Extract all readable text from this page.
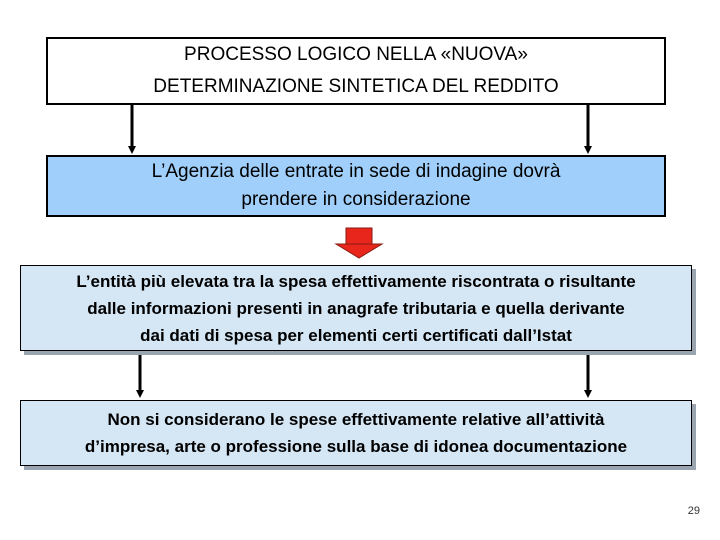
PROCESSO LOGICO NELLA «NUOVA»
DETERMINAZIONE SINTETICA DEL REDDITO
L’Agenzia delle entrate in sede di indagine dovrà
prendere in considerazione
L’entità più elevata tra la spesa effettivamente riscontrata o risultante
dalle informazioni presenti in anagrafe tributaria e quella derivante
dai dati di spesa per elementi certi certificati dall’Istat
Non si considerano le spese effettivamente relative all’attività
d’impresa, arte o professione sulla base di idonea documentazione
29
